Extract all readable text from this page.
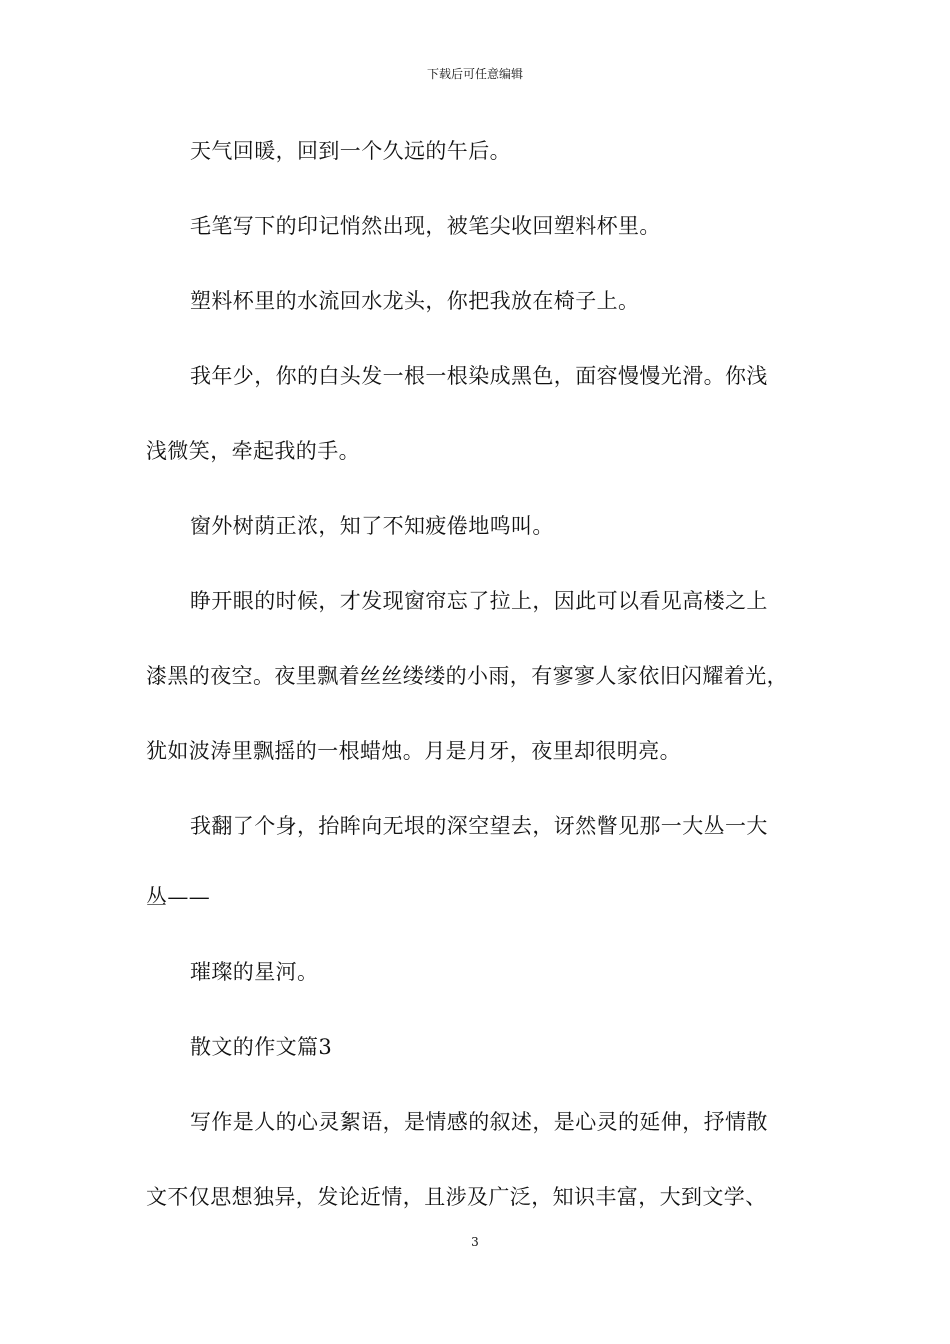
下载后可任意编辑
天气回暖，回到一个久远的午后。
毛笔写下的印记悄然出现，被笔尖收回塑料杯里。
塑料杯里的水流回水龙头，你把我放在椅子上。
我年少，你的白头发一根一根染成黑色，面容慢慢光滑。你浅
浅微笑，牵起我的手。
窗外树荫正浓，知了不知疲倦地鸣叫。
睁开眼的时候，才发现窗帘忘了拉上，因此可以看见高楼之上
漆黑的夜空。夜里飘着丝丝缕缕的小雨，有寥寥人家依旧闪耀着光，
犹如波涛里飘摇的一根蜡烛。月是月牙，夜里却很明亮。
我翻了个身，抬眸向无垠的深空望去，讶然瞥见那一大丛一大
丛——
璀璨的星河。
散文的作文篇3
写作是人的心灵絮语，是情感的叙述，是心灵的延伸，抒情散
文不仅思想独异，发论近情，且涉及广泛，知识丰富，大到文学、
3
